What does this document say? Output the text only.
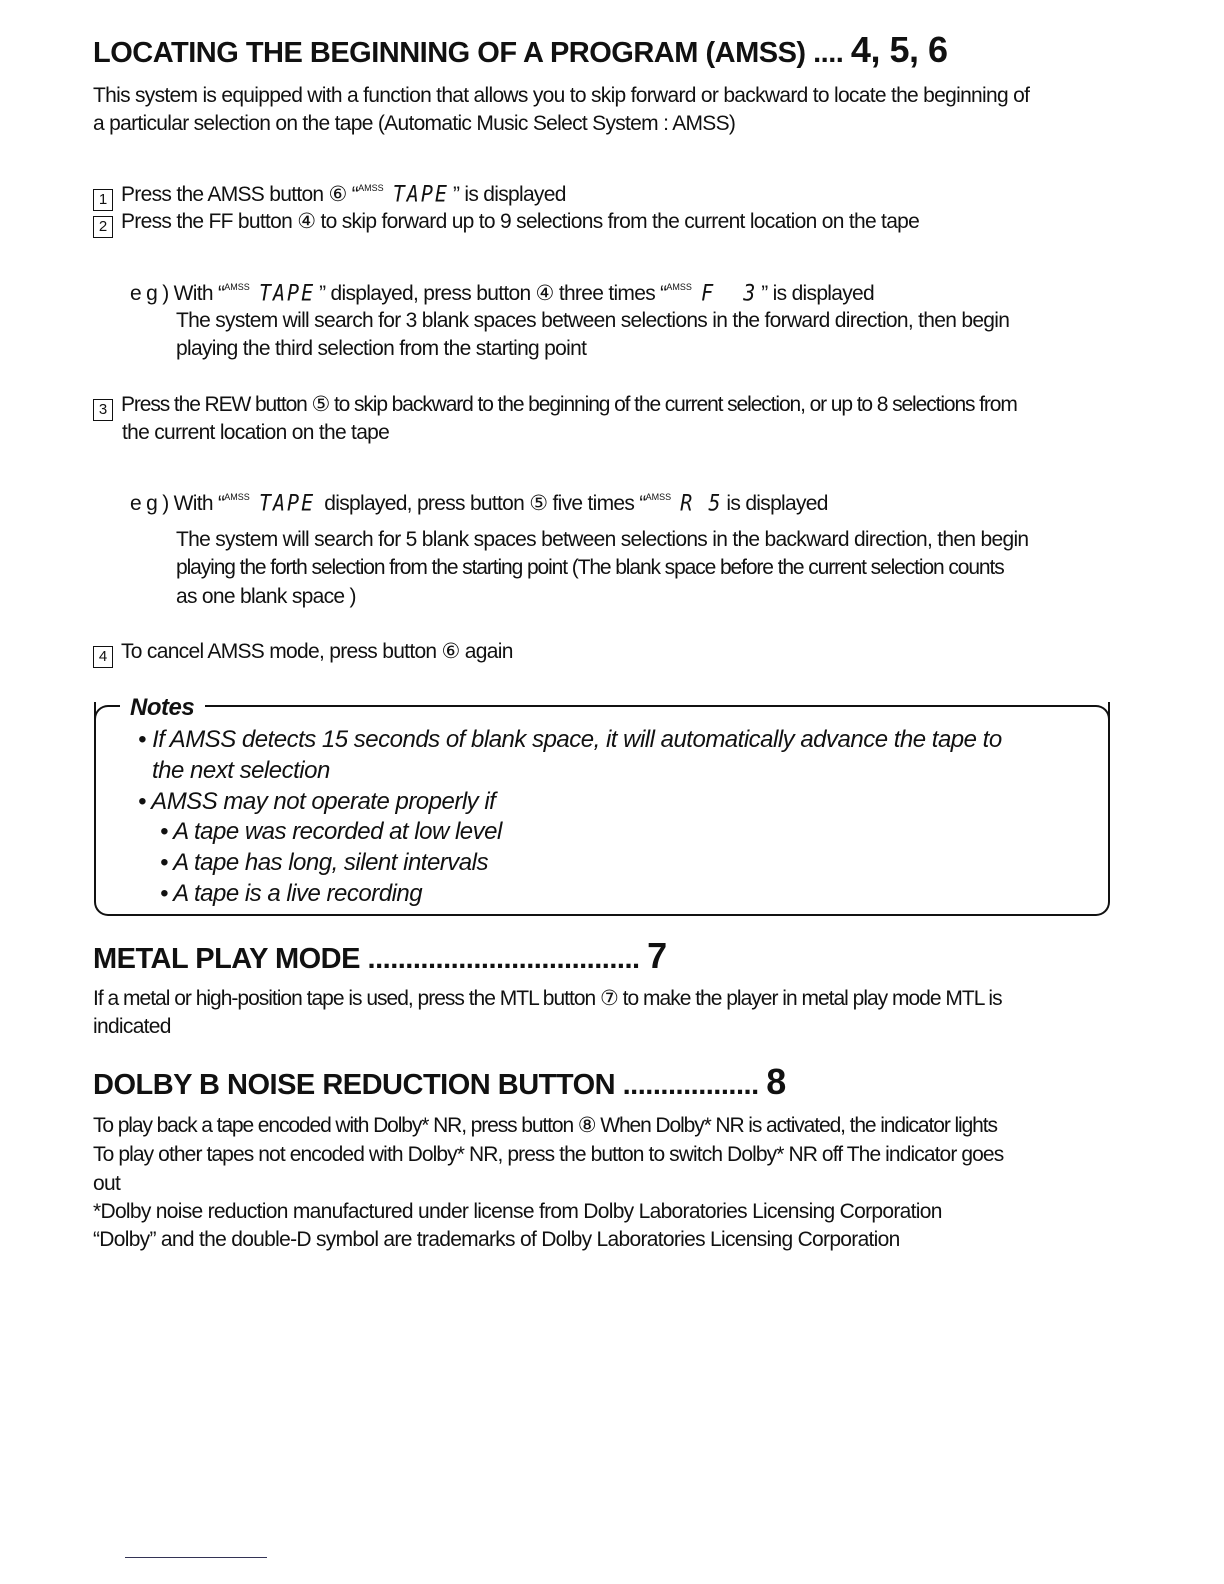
LOCATING THE BEGINNING OF A PROGRAM (AMSS) .... 4, 5, 6
This system is equipped with a function that allows you to skip forward or backward to locate the beginning of
a particular selection on the tape (Automatic Music Select System : AMSS)
1 Press the AMSS button ⑥ “$^{AMSS}$ TAPE ” is displayed
2 Press the FF button ④ to skip forward up to 9 selections from the current location on the tape
e g ) With “$^{AMSS}$ TAPE ” displayed, press button ④ three times “$^{AMSS}$ F  3 ” is displayed
The system will search for 3 blank spaces between selections in the forward direction, then begin
playing the third selection from the starting point
3 Press the REW button ⑤ to skip backward to the beginning of the current selection, or up to 8 selections from
the current location on the tape
e g ) With “$^{AMSS}$ TAPE displayed, press button ⑤ five times “$^{AMSS}$ R 5 is displayed
The system will search for 5 blank spaces between selections in the backward direction, then begin
playing the forth selection from the starting point (The blank space before the current selection counts
as one blank space )
4 To cancel AMSS mode, press button ⑥ again
Notes
• If AMSS detects 15 seconds of blank space, it will automatically advance the tape to
the next selection
• AMSS may not operate properly if
• A tape was recorded at low level
• A tape has long, silent intervals
• A tape is a live recording
METAL PLAY MODE .................................... 7
If a metal or high-position tape is used, press the MTL button ⑦ to make the player in metal play mode MTL is
indicated
DOLBY B NOISE REDUCTION BUTTON .................. 8
To play back a tape encoded with Dolby* NR, press button ⑧ When Dolby* NR is activated, the indicator lights
To play other tapes not encoded with Dolby* NR, press the button to switch Dolby* NR off The indicator goes
out
*Dolby noise reduction manufactured under license from Dolby Laboratories Licensing Corporation
“Dolby” and the double-D symbol are trademarks of Dolby Laboratories Licensing Corporation
